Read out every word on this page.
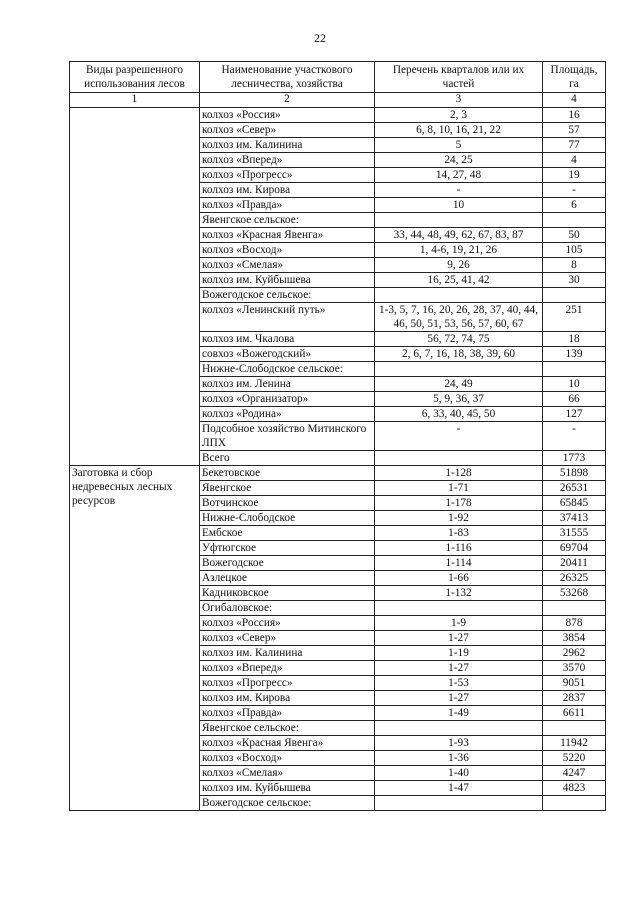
22
Виды разрешенного использования лесов	Наименование участкового лесничества, хозяйства	Перечень кварталов или их частей	Площадь, га
1	2	3	4
	колхоз «Россия»	2, 3	16
	колхоз «Север»	6, 8, 10, 16, 21, 22	57
	колхоз им. Калинина	5	77
	колхоз «Вперед»	24, 25	4
	колхоз «Прогресс»	14, 27, 48	19
	колхоз им. Кирова	-	-
	колхоз «Правда»	10	6
	Явенгское сельское:		
	колхоз «Красная Явенга»	33, 44, 48, 49, 62, 67, 83, 87	50
	колхоз «Восход»	1, 4-6, 19, 21, 26	105
	колхоз «Смелая»	9, 26	8
	колхоз им. Куйбышева	16, 25, 41, 42	30
	Вожегодское сельское:		
	колхоз «Ленинский путь»	1-3, 5, 7, 16, 20, 26, 28, 37, 40, 44, 46, 50, 51, 53, 56, 57, 60, 67	251
	колхоз им. Чкалова	56, 72, 74, 75	18
	совхоз «Вожегодский»	2, 6, 7, 16, 18, 38, 39, 60	139
	Нижне-Слободское сельское:		
	колхоз им. Ленина	24, 49	10
	колхоз «Организатор»	5, 9, 36, 37	66
	колхоз «Родина»	6, 33, 40, 45, 50	127
	Подсобное хозяйство Митинского ЛПХ	-	-
	Всего		1773
Заготовка и сбор недревесных лесных ресурсов	Бекетовское	1-128	51898
	Явенгское	1-71	26531
	Вотчинское	1-178	65845
	Нижне-Слободское	1-92	37413
	Ембское	1-83	31555
	Уфтюгское	1-116	69704
	Вожегодское	1-114	20411
	Азлецкое	1-66	26325
	Кадниковское	1-132	53268
	Огибаловское:		
	колхоз «Россия»	1-9	878
	колхоз «Север»	1-27	3854
	колхоз им. Калинина	1-19	2962
	колхоз «Вперед»	1-27	3570
	колхоз «Прогресс»	1-53	9051
	колхоз им. Кирова	1-27	2837
	колхоз «Правда»	1-49	6611
	Явенгское сельское:		
	колхоз «Красная Явенга»	1-93	11942
	колхоз «Восход»	1-36	5220
	колхоз «Смелая»	1-40	4247
	колхоз им. Куйбышева	1-47	4823
	Вожегодское сельское:		
